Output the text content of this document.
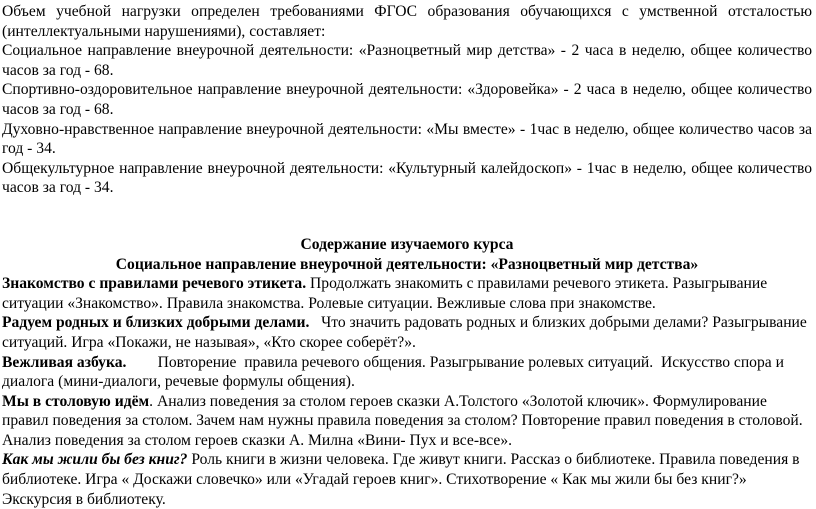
Объем учебной нагрузки определен требованиями ФГОС образования обучающихся с умственной отсталостью (интеллектуальными нарушениями), составляет:

Социальное направление внеурочной деятельности: «Разноцветный мир детства» - 2 часа в неделю, общее количество часов за год - 68.

Спортивно-оздоровительное направление внеурочной деятельности: «Здоровейка» - 2 часа в неделю, общее количество часов за год - 68.

Духовно-нравственное направление внеурочной деятельности: «Мы вместе» - 1час в неделю, общее количество часов за год - 34.

Общекультурное направление внеурочной деятельности: «Культурный калейдоскоп» - 1час в неделю, общее количество часов за год - 34.

Содержание изучаемого курса

Социальное направление внеурочной деятельности: «Разноцветный мир детства»

Знакомство с правилами речевого этикета. Продолжать знакомить с правилами речевого этикета. Разыгрывание ситуации «Знакомство». Правила знакомства. Ролевые ситуации. Вежливые слова при знакомстве.

Радуем родных и близких добрыми делами.   Что значить радовать родных и близких добрыми делами? Разыгрывание ситуаций. Игра «Покажи, не называя», «Кто скорее соберёт?».

Вежливая азбука.        Повторение  правила речевого общения. Разыгрывание ролевых ситуаций.  Искусство спора и диалога (мини-диалоги, речевые формулы общения).

Мы в столовую идём. Анализ поведения за столом героев сказки А.Толстого «Золотой ключик». Формулирование правил поведения за столом. Зачем нам нужны правила поведения за столом? Повторение правил поведения в столовой. Анализ поведения за столом героев сказки А. Милна «Вини- Пух и все-все».

Как мы жили бы без книг? Роль книги в жизни человека. Где живут книги. Рассказ о библиотеке. Правила поведения в библиотеке. Игра « Доскажи словечко» или «Угадай героев книг». Стихотворение « Как мы жили бы без книг?» Экскурсия в библиотеку.
